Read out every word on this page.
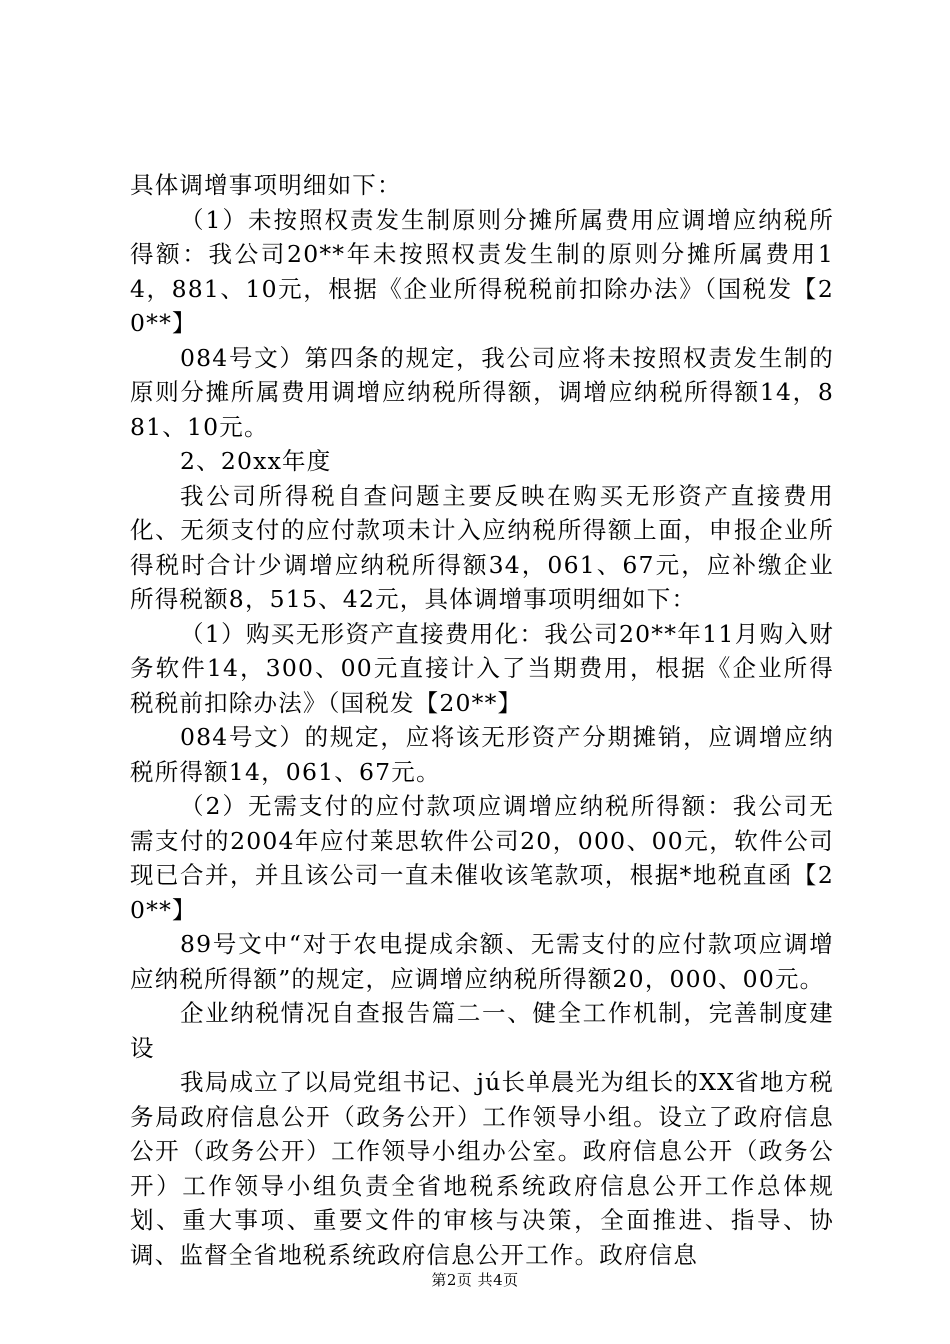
具体调增事项明细如下：

（1）未按照权责发生制原则分摊所属费用应调增应纳税所得额：我公司20**年未按照权责发生制的原则分摊所属费用14，881、10元，根据《企业所得税税前扣除办法》（国税发【20**】

084号文）第四条的规定，我公司应将未按照权责发生制的原则分摊所属费用调增应纳税所得额，调增应纳税所得额14，881、10元。

2、20xx年度

我公司所得税自查问题主要反映在购买无形资产直接费用化、无须支付的应付款项未计入应纳税所得额上面，申报企业所得税时合计少调增应纳税所得额34，061、67元，应补缴企业所得税额8，515、42元，具体调增事项明细如下：

（1）购买无形资产直接费用化：我公司20**年11月购入财务软件14，300、00元直接计入了当期费用，根据《企业所得税税前扣除办法》（国税发【20**】

084号文）的规定，应将该无形资产分期摊销，应调增应纳税所得额14，061、67元。

（2）无需支付的应付款项应调增应纳税所得额：我公司无需支付的2004年应付莱思软件公司20，000、00元，软件公司现已合并，并且该公司一直未催收该笔款项，根据*地税直函【20**】

89号文中“对于农电提成余额、无需支付的应付款项应调增应纳税所得额”的规定，应调增应纳税所得额20，000、00元。

企业纳税情况自查报告篇二一、健全工作机制，完善制度建设

我局成立了以局党组书记、jú长单晨光为组长的XX省地方税务局政府信息公开（政务公开）工作领导小组。设立了政府信息公开（政务公开）工作领导小组办公室。政府信息公开（政务公开）工作领导小组负责全省地税系统政府信息公开工作总体规划、重大事项、重要文件的审核与决策，全面推进、指导、协调、监督全省地税系统政府信息公开工作。政府信息

第2页 共4页
